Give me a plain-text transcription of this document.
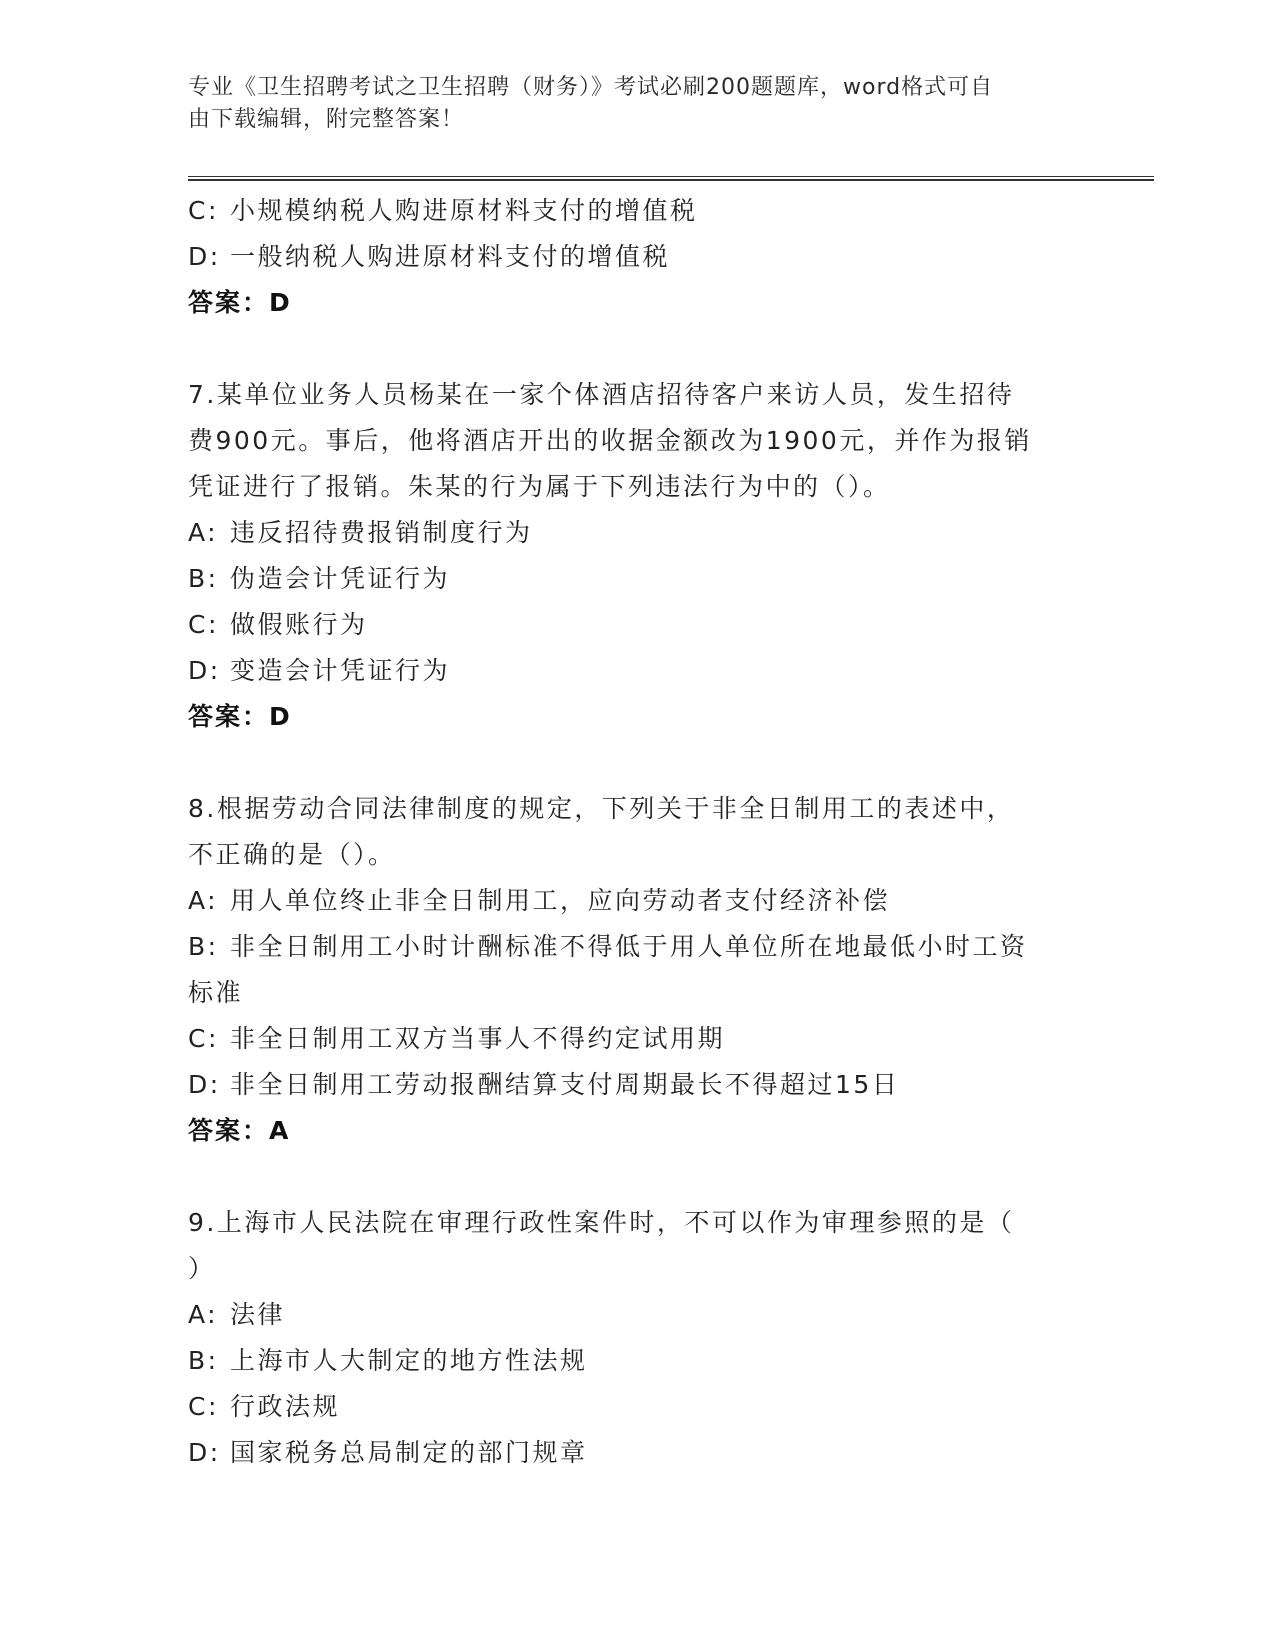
专业《卫生招聘考试之卫生招聘（财务）》考试必刷200题题库，word格式可自
由下载编辑，附完整答案！
C: 小规模纳税人购进原材料支付的增值税
D: 一般纳税人购进原材料支付的增值税
答案：D
7.某单位业务人员杨某在一家个体酒店招待客户来访人员，发生招待
费900元。事后，他将酒店开出的收据金额改为1900元，并作为报销
凭证进行了报销。朱某的行为属于下列违法行为中的（）。
A: 违反招待费报销制度行为
B: 伪造会计凭证行为
C: 做假账行为
D: 变造会计凭证行为
答案：D
8.根据劳动合同法律制度的规定，下列关于非全日制用工的表述中，
不正确的是（）。
A: 用人单位终止非全日制用工，应向劳动者支付经济补偿
B: 非全日制用工小时计酬标准不得低于用人单位所在地最低小时工资
标准
C: 非全日制用工双方当事人不得约定试用期
D: 非全日制用工劳动报酬结算支付周期最长不得超过15日
答案：A
9.上海市人民法院在审理行政性案件时，不可以作为审理参照的是（
）
A: 法律
B: 上海市人大制定的地方性法规
C: 行政法规
D: 国家税务总局制定的部门规章
